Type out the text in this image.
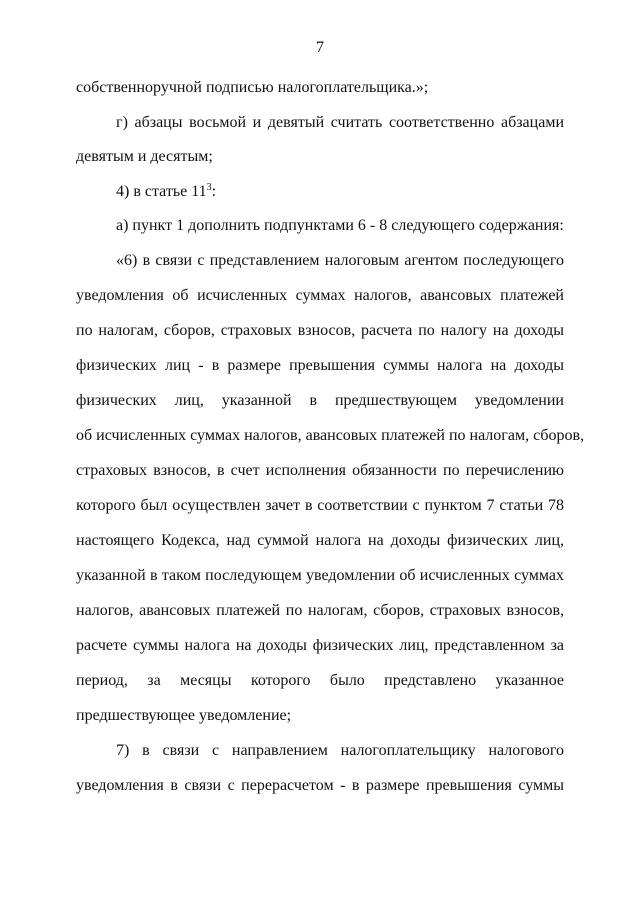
7
собственноручной подписью налогоплательщика.»;
г) абзацы восьмой и девятый считать соответственно абзацами
девятым и десятым;
4) в статье $11^3$:
а) пункт 1 дополнить подпунктами 6 - 8 следующего содержания:
«6) в связи с представлением налоговым агентом последующего
уведомления об исчисленных суммах налогов, авансовых платежей
по налогам, сборов, страховых взносов, расчета по налогу на доходы
физических лиц - в размере превышения суммы налога на доходы
физических лиц, указанной в предшествующем уведомлении
об исчисленных суммах налогов, авансовых платежей по налогам, сборов,
страховых взносов, в счет исполнения обязанности по перечислению
которого был осуществлен зачет в соответствии с пунктом 7 статьи 78
настоящего Кодекса, над суммой налога на доходы физических лиц,
указанной в таком последующем уведомлении об исчисленных суммах
налогов, авансовых платежей по налогам, сборов, страховых взносов,
расчете суммы налога на доходы физических лиц, представленном за
период, за месяцы которого было представлено указанное
предшествующее уведомление;
7) в связи с направлением налогоплательщику налогового
уведомления в связи с перерасчетом - в размере превышения суммы
